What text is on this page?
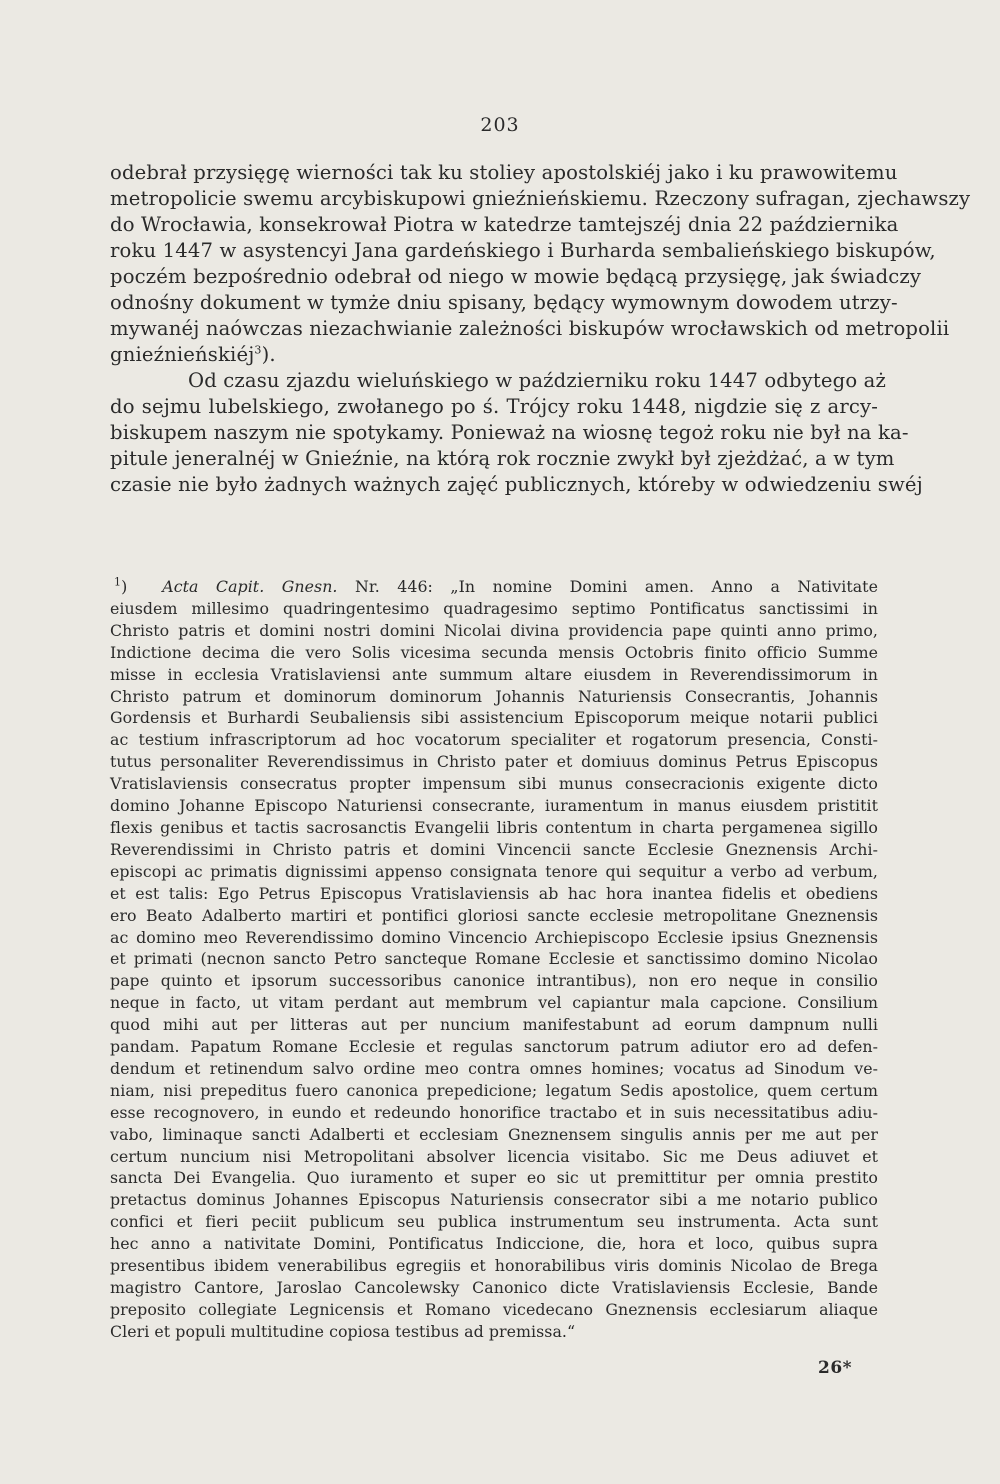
203
odebrał przysięgę wierności tak ku stoliey apostolskiéj jako i ku prawowitemu
metropolicie swemu arcybiskupowi gnieźnieńskiemu. Rzeczony sufragan, zjechawszy
do Wrocławia, konsekrował Piotra w katedrze tamtejszéj dnia 22 października
roku 1447 w asystencyi Jana gardeńskiego i Burharda sembalieńskiego biskupów,
poczém bezpośrednio odebrał od niego w mowie będącą przysięgę, jak świadczy
odnośny dokument w tymże dniu spisany, będący wymownym dowodem utrzy-
mywanéj naówczas niezachwianie zależności biskupów wrocławskich od metropolii
gnieźnieńskiéj$^3$).
Od czasu zjazdu wieluńskiego w październiku roku 1447 odbytego aż
do sejmu lubelskiego, zwołanego po ś. Trójcy roku 1448, nigdzie się z arcy-
biskupem naszym nie spotykamy. Ponieważ na wiosnę tegoż roku nie był na ka-
pitule jeneralnéj w Gnieźnie, na którą rok rocznie zwykł był zjeżdżać, a w tym
czasie nie było żadnych ważnych zajęć publicznych, któreby w odwiedzeniu swéj
$^1$) Acta Capit. Gnesn. Nr. 446: „In nomine Domini amen. Anno a Nativitate
eiusdem millesimo quadringentesimo quadragesimo septimo Pontificatus sanctissimi in
Christo patris et domini nostri domini Nicolai divina providencia pape quinti anno primo,
Indictione decima die vero Solis vicesima secunda mensis Octobris finito officio Summe
misse in ecclesia Vratislaviensi ante summum altare eiusdem in Reverendissimorum in
Christo patrum et dominorum dominorum Johannis Naturiensis Consecrantis, Johannis
Gordensis et Burhardi Seubaliensis sibi assistencium Episcoporum meique notarii publici
ac testium infrascriptorum ad hoc vocatorum specialiter et rogatorum presencia, Consti-
tutus personaliter Reverendissimus in Christo pater et domiuus dominus Petrus Episcopus
Vratislaviensis consecratus propter impensum sibi munus consecracionis exigente dicto
domino Johanne Episcopo Naturiensi consecrante, iuramentum in manus eiusdem pristitit
flexis genibus et tactis sacrosanctis Evangelii libris contentum in charta pergamenea sigillo
Reverendissimi in Christo patris et domini Vincencii sancte Ecclesie Gneznensis Archi-
episcopi ac primatis dignissimi appenso consignata tenore qui sequitur a verbo ad verbum,
et est talis: Ego Petrus Episcopus Vratislaviensis ab hac hora inantea fidelis et obediens
ero Beato Adalberto martiri et pontifici gloriosi sancte ecclesie metropolitane Gneznensis
ac domino meo Reverendissimo domino Vincencio Archiepiscopo Ecclesie ipsius Gneznensis
et primati (necnon sancto Petro sancteque Romane Ecclesie et sanctissimo domino Nicolao
pape quinto et ipsorum successoribus canonice intrantibus), non ero neque in consilio
neque in facto, ut vitam perdant aut membrum vel capiantur mala capcione. Consilium
quod mihi aut per litteras aut per nuncium manifestabunt ad eorum dampnum nulli
pandam. Papatum Romane Ecclesie et regulas sanctorum patrum adiutor ero ad defen-
dendum et retinendum salvo ordine meo contra omnes homines; vocatus ad Sinodum ve-
niam, nisi prepeditus fuero canonica prepedicione; legatum Sedis apostolice, quem certum
esse recognovero, in eundo et redeundo honorifice tractabo et in suis necessitatibus adiu-
vabo, liminaque sancti Adalberti et ecclesiam Gneznensem singulis annis per me aut per
certum nuncium nisi Metropolitani absolver licencia visitabo. Sic me Deus adiuvet et
sancta Dei Evangelia. Quo iuramento et super eo sic ut premittitur per omnia prestito
pretactus dominus Johannes Episcopus Naturiensis consecrator sibi a me notario publico
confici et fieri peciit publicum seu publica instrumentum seu instrumenta. Acta sunt
hec anno a nativitate Domini, Pontificatus Indiccione, die, hora et loco, quibus supra
presentibus ibidem venerabilibus egregiis et honorabilibus viris dominis Nicolao de Brega
magistro Cantore, Jaroslao Cancolewsky Canonico dicte Vratislaviensis Ecclesie, Bande
preposito collegiate Legnicensis et Romano vicedecano Gneznensis ecclesiarum aliaque
Cleri et populi multitudine copiosa testibus ad premissa.“
26*
